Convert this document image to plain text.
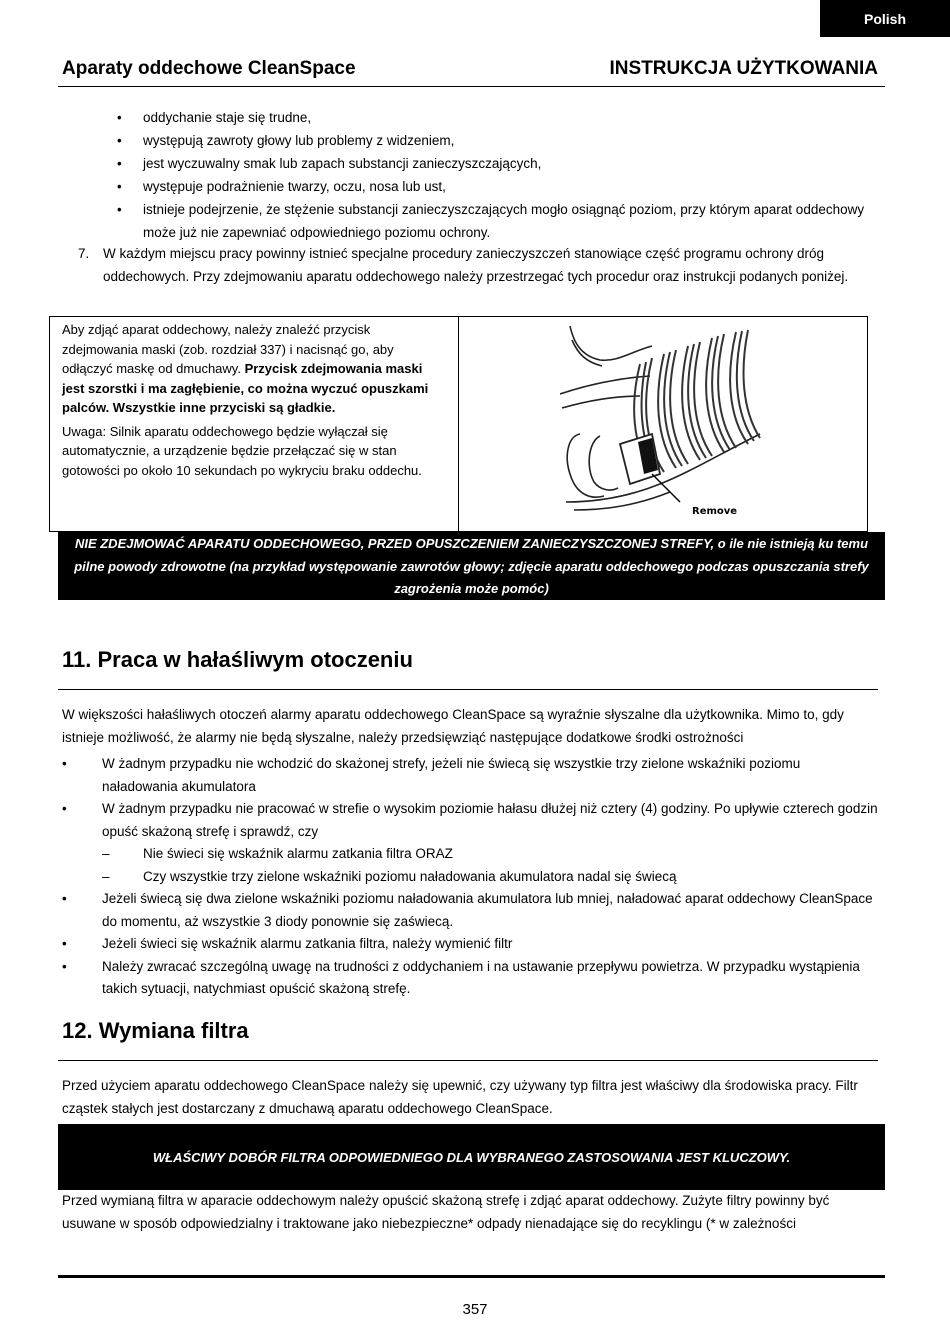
Polish
Aparaty oddechowe CleanSpace	INSTRUKCJA UŻYTKOWANIA
• oddychanie staje się trudne,
• występują zawroty głowy lub problemy z widzeniem,
• jest wyczuwalny smak lub zapach substancji zanieczyszczających,
• występuje podrażnienie twarzy, oczu, nosa lub ust,
• istnieje podejrzenie, że stężenie substancji zanieczyszczających mogło osiągnąć poziom, przy którym aparat oddechowy może już nie zapewniać odpowiedniego poziomu ochrony.
7. W każdym miejscu pracy powinny istnieć specjalne procedury zanieczyszczeń stanowiące część programu ochrony dróg oddechowych. Przy zdejmowaniu aparatu oddechowego należy przestrzegać tych procedur oraz instrukcji podanych poniżej.

Aby zdjąć aparat oddechowy, należy znaleźć przycisk zdejmowania maski (zob. rozdział 337) i nacisnąć go, aby odłączyć maskę od dmuchawy. Przycisk zdejmowania maski jest szorstki i ma zagłębienie, co można wyczuć opuszkami palców. Wszystkie inne przyciski są gładkie.

Uwaga: Silnik aparatu oddechowego będzie wyłączał się automatycznie, a urządzenie będzie przełączać się w stan gotowości po około 10 sekundach po wykryciu braku oddechu.

Remove
NIE ZDEJMOWAĆ APARATU ODDECHOWEGO, PRZED OPUSZCZENIEM ZANIECZYSZCZONEJ STREFY, o ile nie istnieją ku temu pilne powody zdrowotne (na przykład występowanie zawrotów głowy; zdjęcie aparatu oddechowego podczas opuszczania strefy zagrożenia może pomóc)
11. Praca w hałaśliwym otoczeniu
W większości hałaśliwych otoczeń alarmy aparatu oddechowego CleanSpace są wyraźnie słyszalne dla użytkownika. Mimo to, gdy istnieje możliwość, że alarmy nie będą słyszalne, należy przedsięwziąć następujące dodatkowe środki ostrożności
•	W żadnym przypadku nie wchodzić do skażonej strefy, jeżeli nie świecą się wszystkie trzy zielone wskaźniki poziomu naładowania akumulatora
•	W żadnym przypadku nie pracować w strefie o wysokim poziomie hałasu dłużej niż cztery (4) godziny. Po upływie czterech godzin opuść skażoną strefę i sprawdź, czy
– Nie świeci się wskaźnik alarmu zatkania filtra ORAZ
– Czy wszystkie trzy zielone wskaźniki poziomu naładowania akumulatora nadal się świecą
•	Jeżeli świecą się dwa zielone wskaźniki poziomu naładowania akumulatora lub mniej, naładować aparat oddechowy CleanSpace do momentu, aż wszystkie 3 diody ponownie się zaświecą.
•	Jeżeli świeci się wskaźnik alarmu zatkania filtra, należy wymienić filtr
•	Należy zwracać szczególną uwagę na trudności z oddychaniem i na ustawanie przepływu powietrza. W przypadku wystąpienia takich sytuacji, natychmiast opuścić skażoną strefę.
12. Wymiana filtra
Przed użyciem aparatu oddechowego CleanSpace należy się upewnić, czy używany typ filtra jest właściwy dla środowiska pracy. Filtr cząstek stałych jest dostarczany z dmuchawą aparatu oddechowego CleanSpace.
WŁAŚCIWY DOBÓR FILTRA ODPOWIEDNIEGO DLA WYBRANEGO ZASTOSOWANIA JEST KLUCZOWY.
Przed wymianą filtra w aparacie oddechowym należy opuścić skażoną strefę i zdjąć aparat oddechowy. Zużyte filtry powinny być usuwane w sposób odpowiedzialny i traktowane jako niebezpieczne* odpady nienadające się do recyklingu (* w zależności
357
